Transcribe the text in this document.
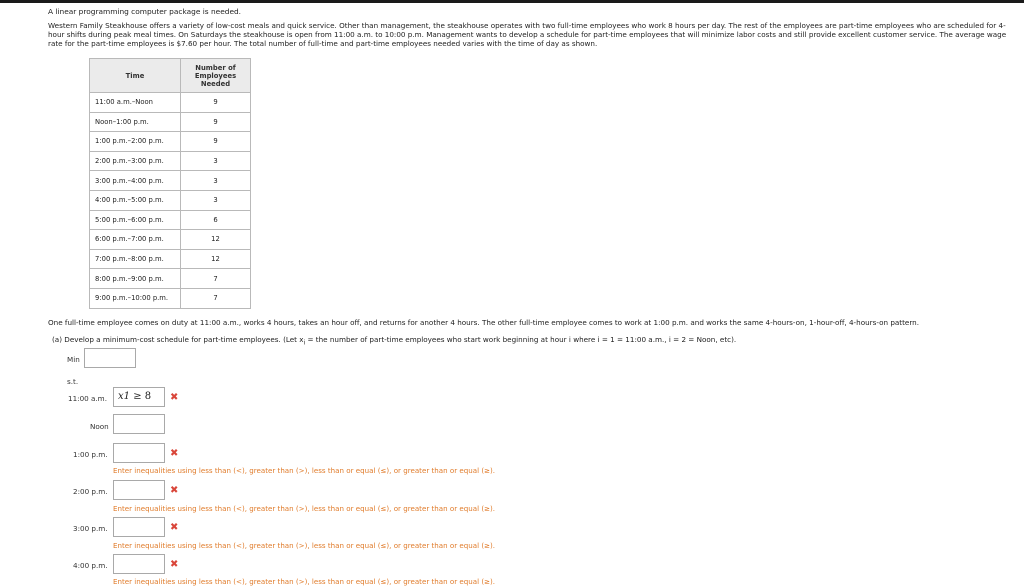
A linear programming computer package is needed.
Western Family Steakhouse offers a variety of low-cost meals and quick service. Other than management, the steakhouse operates with two full-time employees who work 8 hours per day. The rest of the employees are part-time employees who are scheduled for 4-hour shifts during peak meal times. On Saturdays the steakhouse is open from 11:00 a.m. to 10:00 p.m. Management wants to develop a schedule for part-time employees that will minimize labor costs and still provide excellent customer service. The average wage rate for the part-time employees is $7.60 per hour. The total number of full-time and part-time employees needed varies with the time of day as shown.
Time	Number of Employees Needed
11:00 a.m.–Noon	9
Noon–1:00 p.m.	9
1:00 p.m.–2:00 p.m.	9
2:00 p.m.–3:00 p.m.	3
3:00 p.m.–4:00 p.m.	3
4:00 p.m.–5:00 p.m.	3
5:00 p.m.–6:00 p.m.	6
6:00 p.m.–7:00 p.m.	12
7:00 p.m.–8:00 p.m.	12
8:00 p.m.–9:00 p.m.	7
9:00 p.m.–10:00 p.m.	7
One full-time employee comes on duty at 11:00 a.m., works 4 hours, takes an hour off, and returns for another 4 hours. The other full-time employee comes to work at 1:00 p.m. and works the same 4-hours-on, 1-hour-off, 4-hours-on pattern.
(a) Develop a minimum-cost schedule for part-time employees. (Let $x_i$ = the number of part-time employees who start work beginning at hour i where i = 1 = 11:00 a.m., i = 2 = Noon, etc).
Min
s.t.
11:00 a.m.	x1 ≥ 8	✖
Noon
1:00 p.m.	✖
Enter inequalities using less than (<), greater than (>), less than or equal (≤), or greater than or equal (≥).
2:00 p.m.	✖
Enter inequalities using less than (<), greater than (>), less than or equal (≤), or greater than or equal (≥).
3:00 p.m.	✖
Enter inequalities using less than (<), greater than (>), less than or equal (≤), or greater than or equal (≥).
4:00 p.m.	✖
Enter inequalities using less than (<), greater than (>), less than or equal (≤), or greater than or equal (≥).
